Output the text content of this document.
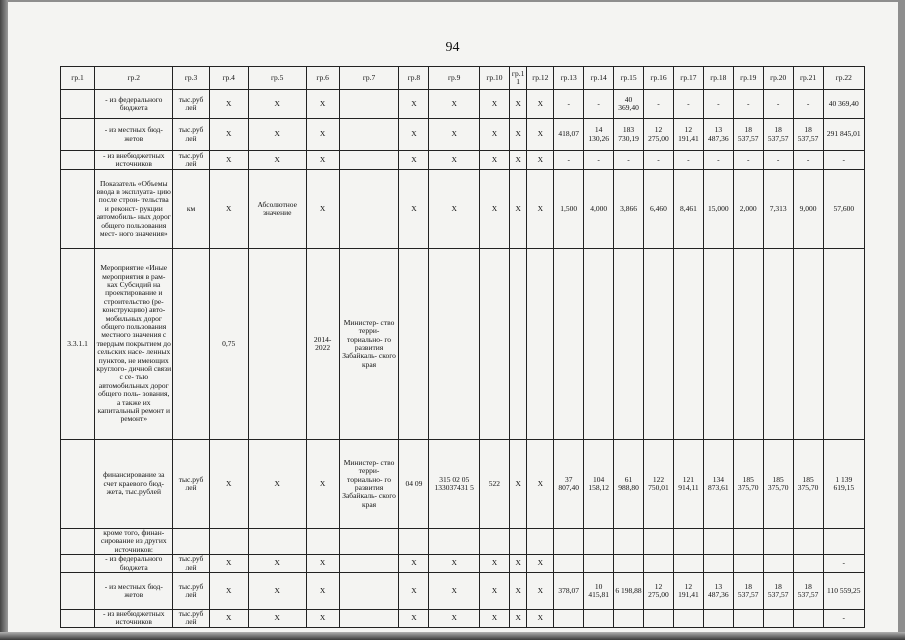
94
гр.1	гр.2	гр.3	гр.4	гр.5	гр.6	гр.7	гр.8	гр.9	гр.10	гр.1 1	гр.12	гр.13	гр.14	гр.15	гр.16	гр.17	гр.18	гр.19	гр.20	гр.21	гр.22
	- из федерального бюджета	тыс.руб лей	Х	Х	Х		Х	Х	Х	Х	Х	-	-	40 369,40	-	-	-	-	-	-	40 369,40
	- из местных бюд- жетов	тыс.руб лей	Х	Х	Х		Х	Х	Х	Х	Х	418,07	14 130,26	183 730,19	12 275,00	12 191,41	13 487,36	18 537,57	18 537,57	18 537,57	291 845,01
	- из внебюджетных источников	тыс.руб лей	Х	Х	Х		Х	Х	Х	Х	Х	-	-	-	-	-	-	-	-	-	-
	Показатель «Объемы ввода в эксплуата- цию после строи- тельства и реконст- рукции автомобиль- ных дорог общего пользования мест- ного значения»	км	Х	Абсолютное значение	Х		Х	Х	Х	Х	Х	1,500	4,000	3,866	6,460	8,461	15,000	2,000	7,313	9,000	57,600
3.3.1.1	Мероприятие «Иные мероприятия в рам- ках Субсидий на проектирование и строительство (ре- конструкцию) авто- мобильных дорог общего пользования местного значения с твердым покрытием до сельских насе- ленных пунктов, не имеющих круглого- дичной связи с се- тью автомобильных дорог общего поль- зования, а также их капитальный ремонт и ремонт»		0,75		2014- 2022	Министер- ство терри- ториально- го развития Забайкаль- ского края															
	финансирование за счет краевого бюд- жета, тыс.рублей	тыс.руб лей	Х	Х	Х	Министер- ство терри- ториально- го развития Забайкаль- ского края	04 09	315 02 05 133037431 5	522	Х	Х	37 807,40	104 158,12	61 988,80	122 750,01	121 914,11	134 873,61	185 375,70	185 375,70	185 375,70	1 139 619,15
	кроме того, финан- сирование из других источников:																				
	- из федерального бюджета	тыс.руб лей	Х	Х	Х		Х	Х	Х	Х	Х										-
	- из местных бюд- жетов	тыс.руб лей	Х	Х	Х		Х	Х	Х	Х	Х	378,07	10 415,81	6 198,88	12 275,00	12 191,41	13 487,36	18 537,57	18 537,57	18 537,57	110 559,25
	- из внебюджетных источников	тыс.руб лей	Х	Х	Х		Х	Х	Х	Х	Х										-
